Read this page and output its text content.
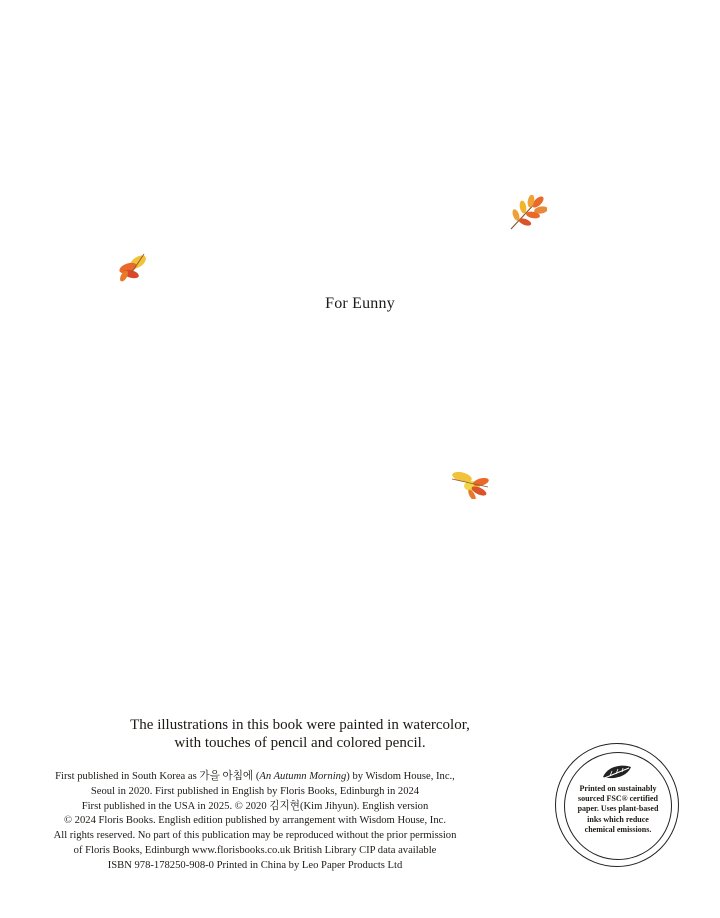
For Eunny
The illustrations in this book were painted in watercolor,
with touches of pencil and colored pencil.
First published in South Korea as 가을 아침에 (An Autumn Morning) by Wisdom House, Inc.,
Seoul in 2020. First published in English by Floris Books, Edinburgh in 2024
First published in the USA in 2025. © 2020 김지현(Kim Jihyun). English version
© 2024 Floris Books. English edition published by arrangement with Wisdom House, Inc.
All rights reserved. No part of this publication may be reproduced without the prior permission
of Floris Books, Edinburgh www.florisbooks.co.uk British Library CIP data available
ISBN 978-178250-908-0 Printed in China by Leo Paper Products Ltd
Printed on sustainably
sourced FSC® certified
paper. Uses plant-based
inks which reduce
chemical emissions.
